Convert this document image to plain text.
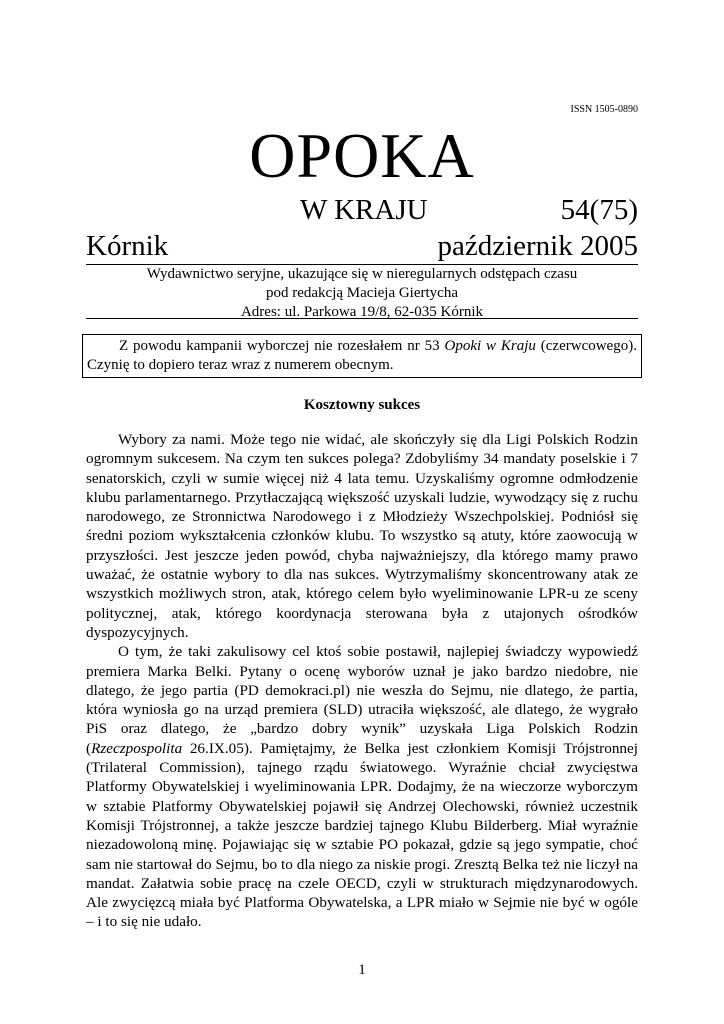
ISSN 1505-0890
OPOKA
W KRAJU	54(75)
Kórnik	październik 2005
Wydawnictwo seryjne, ukazujące się w nieregularnych odstępach czasu
pod redakcją Macieja Giertycha
Adres: ul. Parkowa 19/8, 62-035 Kórnik

Z powodu kampanii wyborczej nie rozesłałem nr 53 Opoki w Kraju (czerwcowego). Czynię to dopiero teraz wraz z numerem obecnym.

Kosztowny sukces

Wybory za nami. Może tego nie widać, ale skończyły się dla Ligi Polskich Rodzin ogromnym sukcesem. Na czym ten sukces polega? Zdobyliśmy 34 mandaty poselskie i 7 senatorskich, czyli w sumie więcej niż 4 lata temu. Uzyskaliśmy ogromne odmłodzenie klubu parlamentarnego. Przytłaczającą większość uzyskali ludzie, wywodzący się z ruchu narodowego, ze Stronnictwa Narodowego i z Młodzieży Wszechpolskiej. Podniósł się średni poziom wykształcenia członków klubu. To wszystko są atuty, które zaowocują w przyszłości. Jest jeszcze jeden powód, chyba najważniejszy, dla którego mamy prawo uważać, że ostatnie wybory to dla nas sukces. Wytrzymaliśmy skoncentrowany atak ze wszystkich możliwych stron, atak, którego celem było wyeliminowanie LPR-u ze sceny politycznej, atak, którego koordynacja sterowana była z utajonych ośrodków dyspozycyjnych.

O tym, że taki zakulisowy cel ktoś sobie postawił, najlepiej świadczy wypowiedź premiera Marka Belki. Pytany o ocenę wyborów uznał je jako bardzo niedobre, nie dlatego, że jego partia (PD demokraci.pl) nie weszła do Sejmu, nie dlatego, że partia, która wyniosła go na urząd premiera (SLD) utraciła większość, ale dlatego, że wygrało PiS oraz dlatego, że „bardzo dobry wynik” uzyskała Liga Polskich Rodzin (Rzeczpospolita 26.IX.05). Pamiętajmy, że Belka jest członkiem Komisji Trójstronnej (Trilateral Commission), tajnego rządu światowego. Wyraźnie chciał zwycięstwa Platformy Obywatelskiej i wyeliminowania LPR. Dodajmy, że na wieczorze wyborczym w sztabie Platformy Obywatelskiej pojawił się Andrzej Olechowski, również uczestnik Komisji Trójstronnej, a także jeszcze bardziej tajnego Klubu Bilderberg. Miał wyraźnie niezadowoloną minę. Pojawiając się w sztabie PO pokazał, gdzie są jego sympatie, choć sam nie startował do Sejmu, bo to dla niego za niskie progi. Zresztą Belka też nie liczył na mandat. Załatwia sobie pracę na czele OECD, czyli w strukturach międzynarodowych. Ale zwycięzcą miała być Platforma Obywatelska, a LPR miało w Sejmie nie być w ogóle – i to się nie udało.

1
